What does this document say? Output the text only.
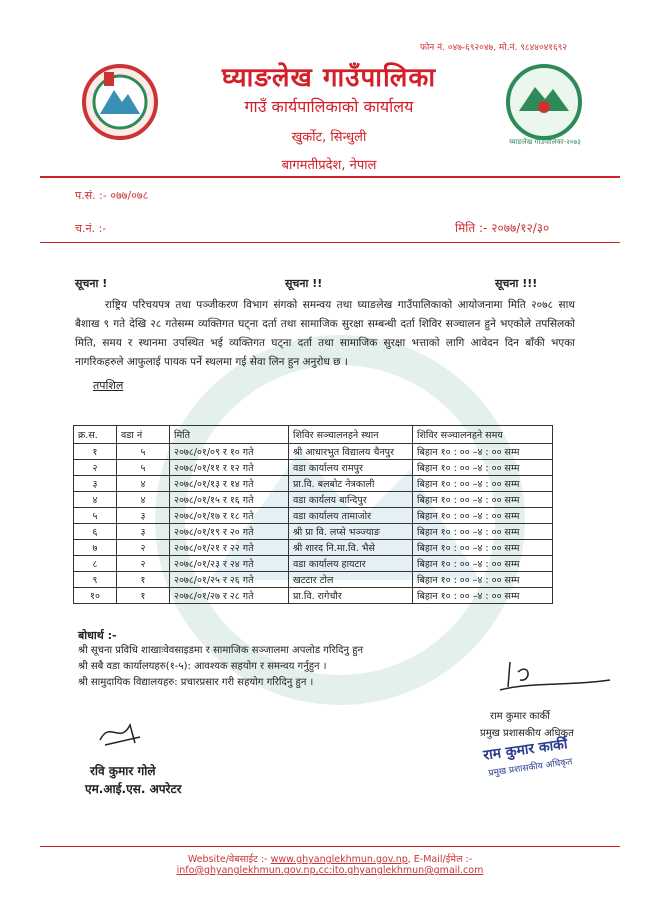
फोन नं. ०४७-६९२०४७, मो.नं. ९८४४०४१६९२
घ्याङलेख गाउँपालिका-२०७३
घ्याङलेख गाउँपालिका
गाउँ कार्यपालिकाको कार्यालय
खुर्कोट, सिन्धुली
बागमतीप्रदेश, नेपाल
प.सं. :- ०७७/०७८
च.नं. :-	मिति :- २०७७/१२/३०
सूचना !	सूचना !!	सूचना !!!
राष्ट्रिय परिचयपत्र तथा पञ्जीकरण विभाग संगको समन्वय तथा घ्याङलेख गाउँपालिकाको आयोजनामा मिति २०७८ साथ बैशाख ९ गते देखि २८ गतेसम्म व्यक्तिगत घट्ना दर्ता तथा सामाजिक सुरक्षा सम्बन्धी दर्ता शिविर सञ्चालन हुने भएकोले तपसिलको मिति, समय र स्थानमा उपस्थित भई व्यक्तिगत घट्ना दर्ता तथा सामाजिक सुरक्षा भत्ताको लागि आवेदन दिन बाँकी भएका नागरिकहरुले आफुलाई पायक पर्ने स्थलमा गई सेवा लिन हुन अनुरोध छ ।
तपशिल
क्र.स.	वडा नं	मिति	शिविर सञ्चालनहने स्थान	शिविर सञ्चालनहने समय
१	५	२०७८/०१/०९ र १० गते	श्री आधारभुत विद्यालय चैनपुर	बिहान १० : ०० –४ : ०० सम्म
२	५	२०७८/०१/११ र १२ गते	वडा कार्यालय रामपुर	बिहान १० : ०० –४ : ०० सम्म
३	४	२०७८/०१/१३ र १४ गते	प्रा.वि. बलबोट नेत्रकाली	बिहान १० : ०० –४ : ०० सम्म
४	४	२०७८/०१/१५ र १६ गते	वडा कार्यलय बान्दिपुर	बिहान १० : ०० –४ : ०० सम्म
५	३	२०७८/०१/१७ र १८ गते	वडा कार्यालय तामाजोर	बिहान १० : ०० –४ : ०० सम्म
६	३	२०७८/०१/१९ र २० गते	श्री प्रा वि. लप्से भञ्ज्याङ	बिहान १० : ०० –४ : ०० सम्म
७	२	२०७८/०१/२१ र २२ गते	श्री शारद नि.मा.वि. भैसे	बिहान १० : ०० –४ : ०० सम्म
८	२	२०७८/०१/२३ र २४ गते	वडा कार्यालय हायटार	बिहान १० : ०० –४ : ०० सम्म
९	१	२०७८/०१/२५ र २६ गते	खटटार टोल	बिहान १० : ०० –४ : ०० सम्म
१०	१	२०७८/०१/२७ र २८ गते	प्रा.वि. रागेचौर	बिहान १० : ०० –४ : ०० सम्म
बोधार्थ :-
श्री सूचना प्रविधि शाखाःवेवसाइडमा र सामाजिक सञ्जालमा अपलोड गरिदिनु हुन
श्री सबै वडा कार्यालयहरु(१-५): आवश्यक सहयोग र समन्वय गर्नुहुन ।
श्री सामुदायिक विद्यालयहरु: प्रचारप्रसार गरी सहयोग गरिदिनु हुन ।
राम कुमार कार्की
प्रमुख प्रशासकीय अधिकृत
राम कुमार कार्की
प्रमुख प्रशासकीय अधिकृत
रवि कुमार गोले
एम.आई.एस. अपरेटर
Website/वेबसाईट :- www.ghyanglekhmun.gov.np, E-Mail/ईमेल :- info@ghyanglekhmun.gov.np,cc:ito.ghyanglekhmun@gmail.com
